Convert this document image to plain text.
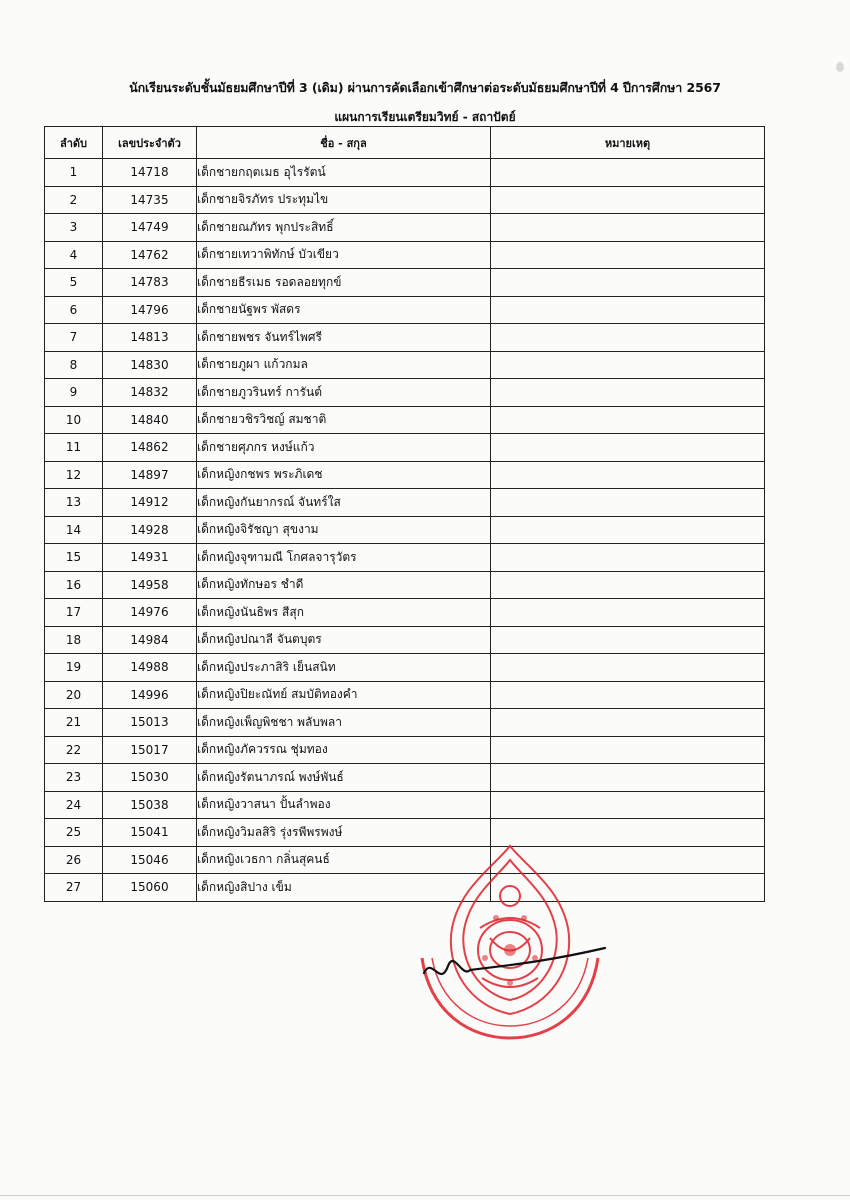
นักเรียนระดับชั้นมัธยมศึกษาปีที่ 3 (เดิม) ผ่านการคัดเลือกเข้าศึกษาต่อระดับมัธยมศึกษาปีที่ 4 ปีการศึกษา 2567
แผนการเรียนเตรียมวิทย์ - สถาปัตย์
ลำดับ	เลขประจำตัว	ชื่อ - สกุล	หมายเหตุ
1	14718	เด็กชายกฤตเมธ อุไรรัตน์	
2	14735	เด็กชายจิรภัทร ประทุมไข	
3	14749	เด็กชายณภัทร พุกประสิทธิ์	
4	14762	เด็กชายเทวาพิทักษ์ บัวเขียว	
5	14783	เด็กชายธีรเมธ รอดลอยทุกข์	
6	14796	เด็กชายนัฐพร พัสดร	
7	14813	เด็กชายพชร จันทร์ไพศรี	
8	14830	เด็กชายภูผา แก้วกมล	
9	14832	เด็กชายภูวรินทร์ การันต์	
10	14840	เด็กชายวชิรวิชญ์ สมชาติ	
11	14862	เด็กชายศุภกร หงษ์แก้ว	
12	14897	เด็กหญิงกชพร พระภิเดช	
13	14912	เด็กหญิงกันยากรณ์ จันทร์ใส	
14	14928	เด็กหญิงจิรัชญา สุขงาม	
15	14931	เด็กหญิงจุฑามณี โกศลจารุวัตร	
16	14958	เด็กหญิงทักษอร ชำดี	
17	14976	เด็กหญิงนันธิพร สีสุก	
18	14984	เด็กหญิงปณาลี จันตบุตร	
19	14988	เด็กหญิงประภาสิริ เย็นสนิท	
20	14996	เด็กหญิงปิยะณัทย์ สมบัติทองคำ	
21	15013	เด็กหญิงเพ็ญพิชชา พลับพลา	
22	15017	เด็กหญิงภัควรรณ ชุ่มทอง	
23	15030	เด็กหญิงรัตนาภรณ์ พงษ์พันธ์	
24	15038	เด็กหญิงวาสนา ปั้นลำพอง	
25	15041	เด็กหญิงวิมลสิริ รุ่งรพีพรพงษ์	
26	15046	เด็กหญิงเวธกา กลิ่นสุคนธ์	
27	15060	เด็กหญิงสิปาง เข็ม	
